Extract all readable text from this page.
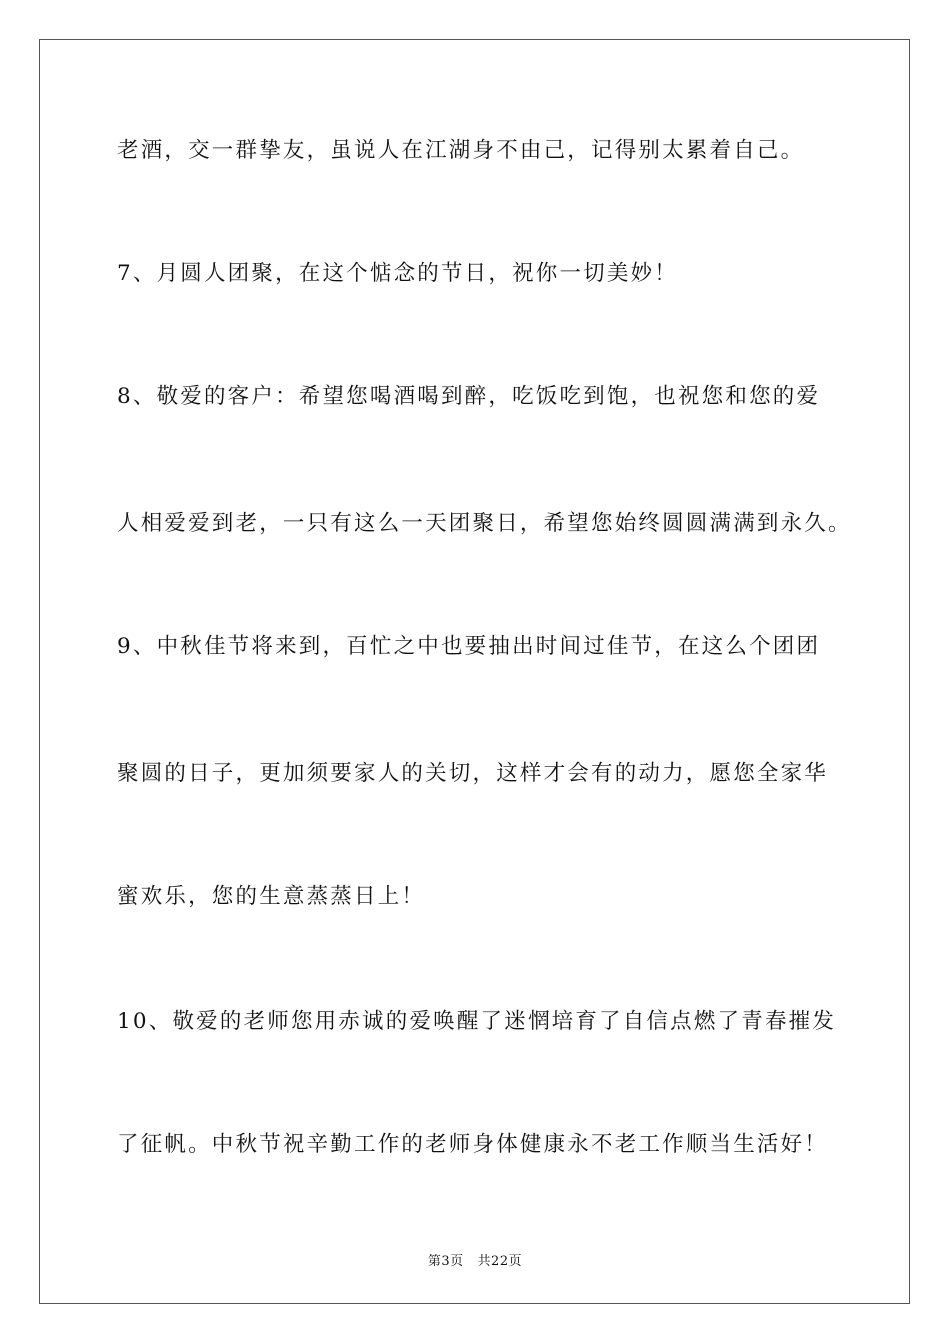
老酒，交一群挚友，虽说人在江湖身不由己，记得别太累着自己。
7、月圆人团聚，在这个惦念的节日，祝你一切美妙！
8、敬爱的客户：希望您喝酒喝到醉，吃饭吃到饱，也祝您和您的爱
人相爱爱到老，一只有这么一天团聚日，希望您始终圆圆满满到永久。
9、中秋佳节将来到，百忙之中也要抽出时间过佳节，在这么个团团
聚圆的日子，更加须要家人的关切，这样才会有的动力，愿您全家华
蜜欢乐，您的生意蒸蒸日上！
10、敬爱的老师您用赤诚的爱唤醒了迷惘培育了自信点燃了青春摧发
了征帆。中秋节祝辛勤工作的老师身体健康永不老工作顺当生活好！
第3页   共22页
